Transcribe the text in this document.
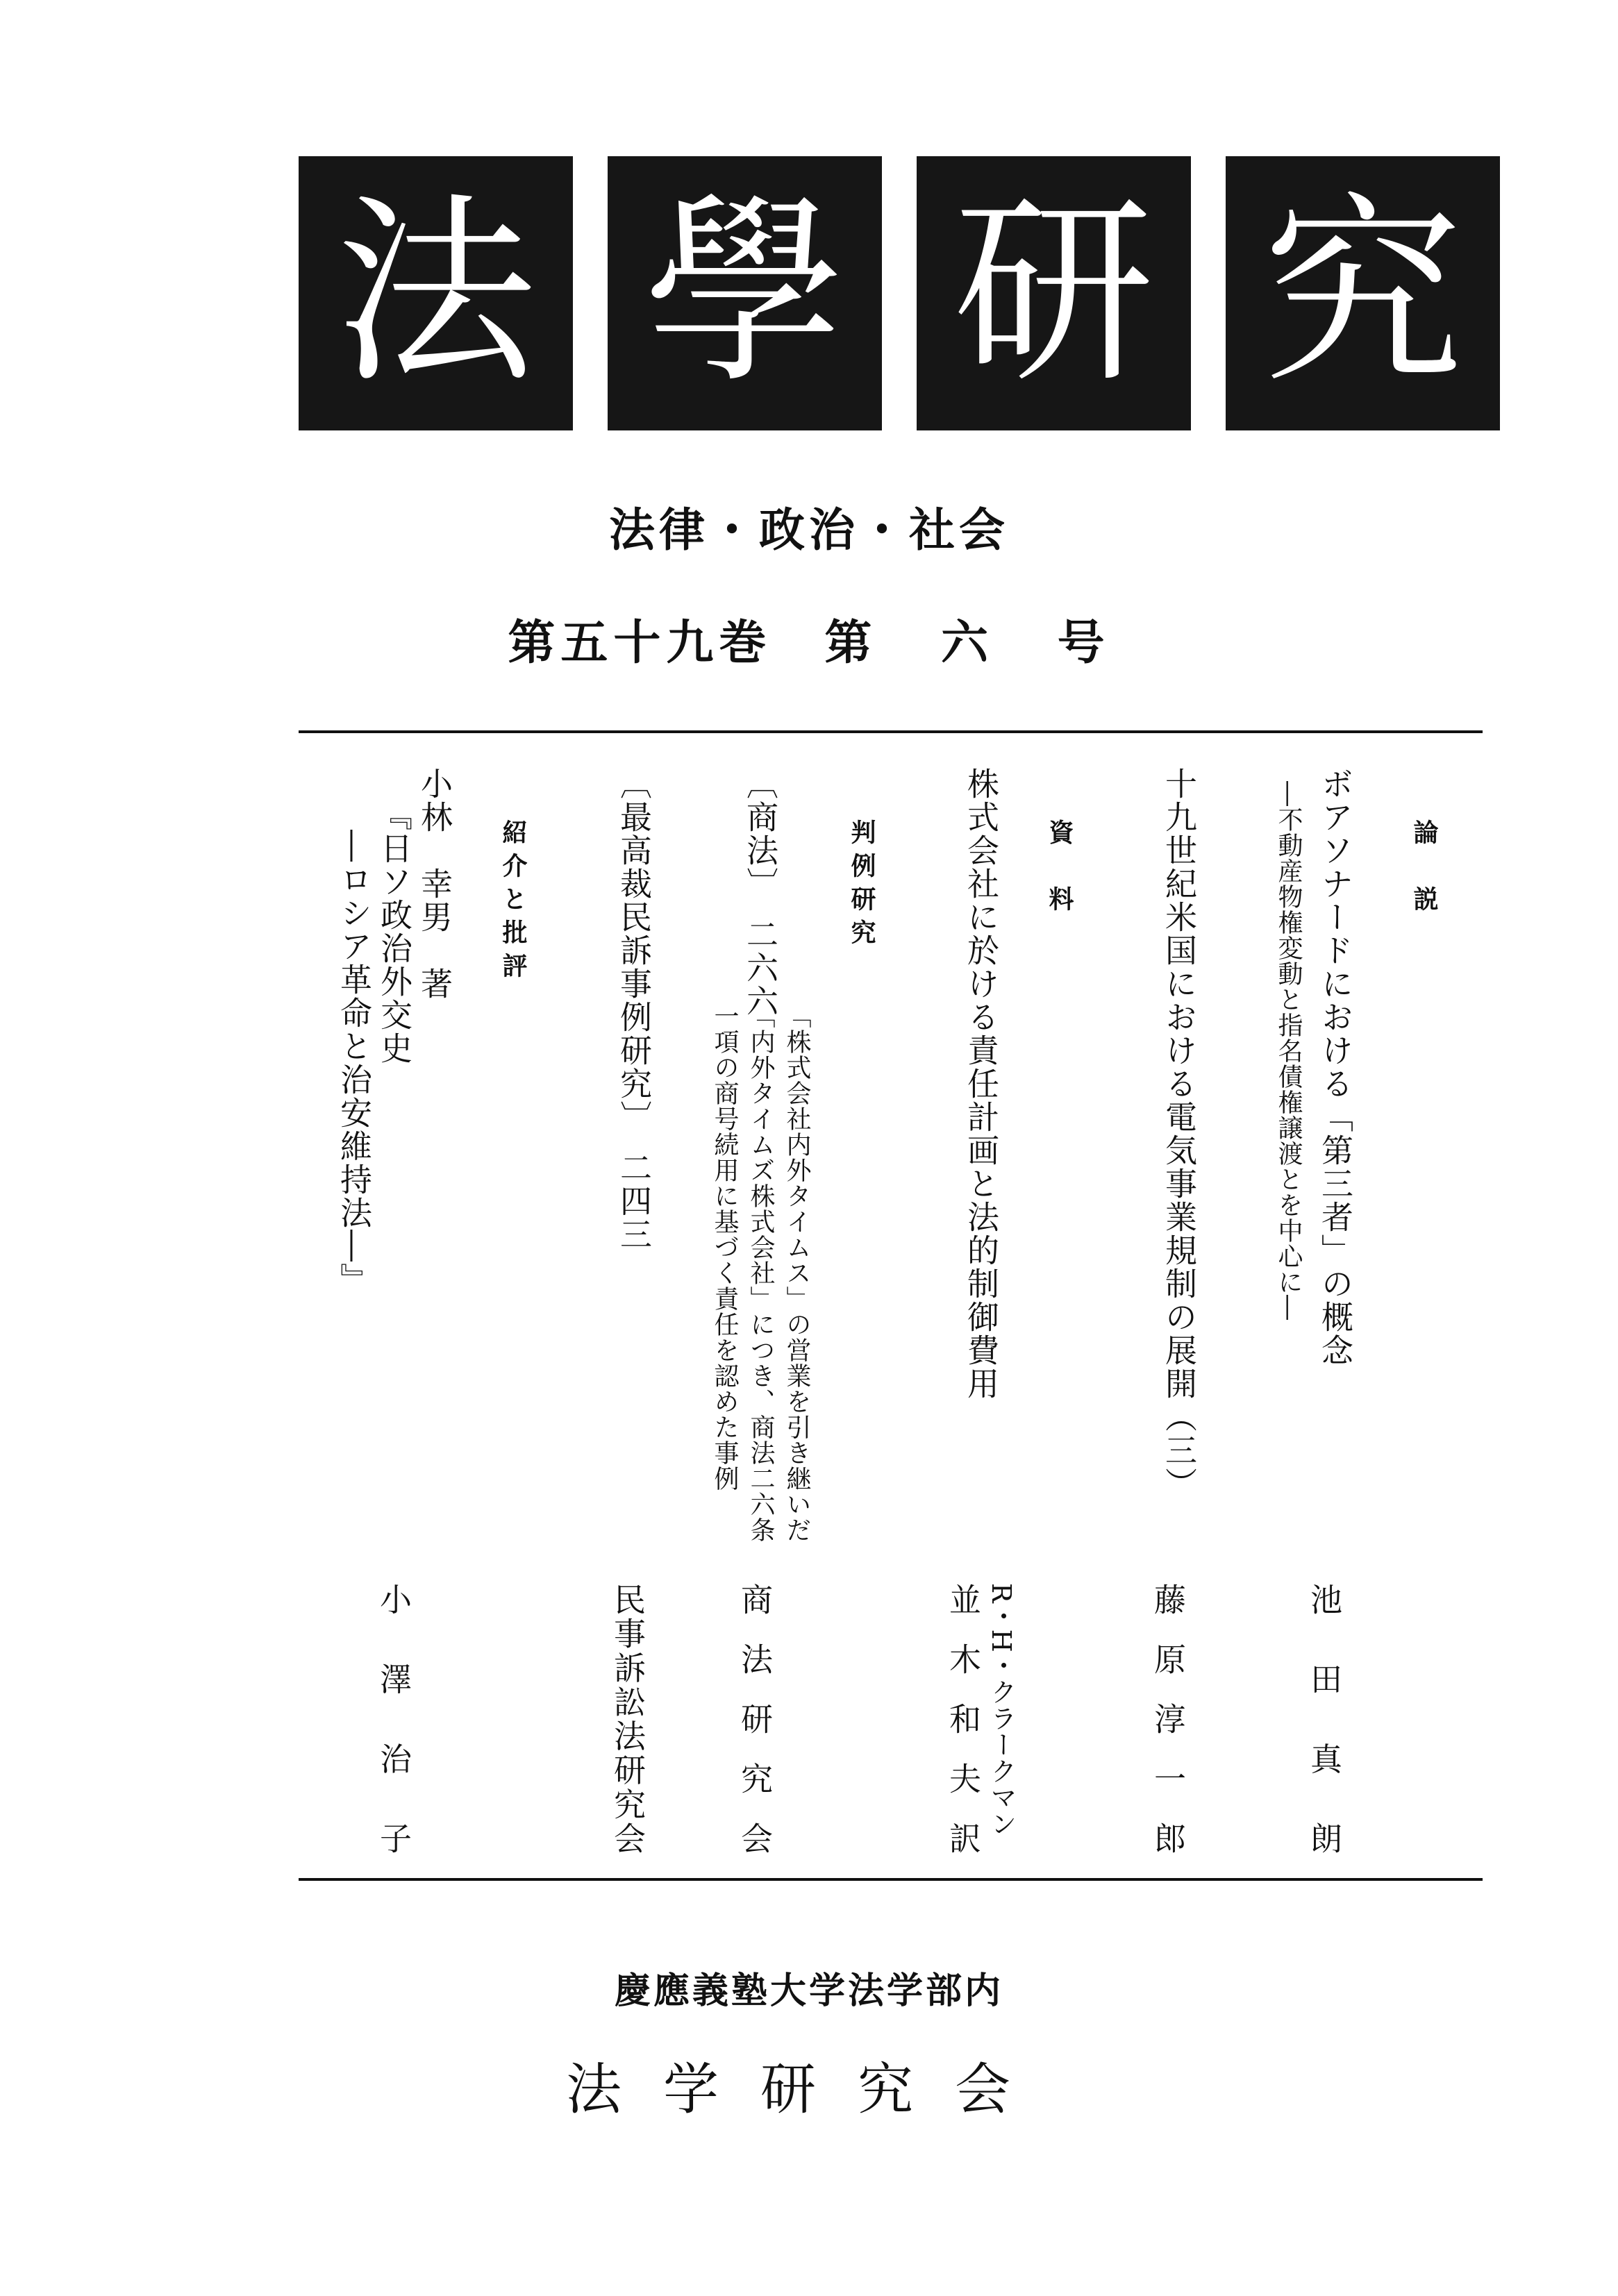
法 學 研 究
法律・政治・社会
第五十九巻　第 六 号
論　説
ボアソナードにおける「第三者」の概念
―不動産物権変動と指名債権譲渡とを中心に―
十九世紀米国における電気事業規制の展開（三）
資　料
株式会社に於ける責任計画と法的制御費用
判例研究
〔商法〕　二六六
「株式会社内外タイムス」の営業を引き継いだ
「内外タイムズ株式会社」につき、商法二六条
一項の商号続用に基づく責任を認めた事例
〔最高裁民訴事例研究〕　二四三
紹介と批評
小林　幸男　著
『日ソ政治外交史
―ロシア革命と治安維持法―』
池田真朗
藤原淳一郎
R・H・クラークマン
並木和夫訳
商法研究会
民事訴訟法研究会
小澤治子
慶應義塾大学法学部内
法学研究会
